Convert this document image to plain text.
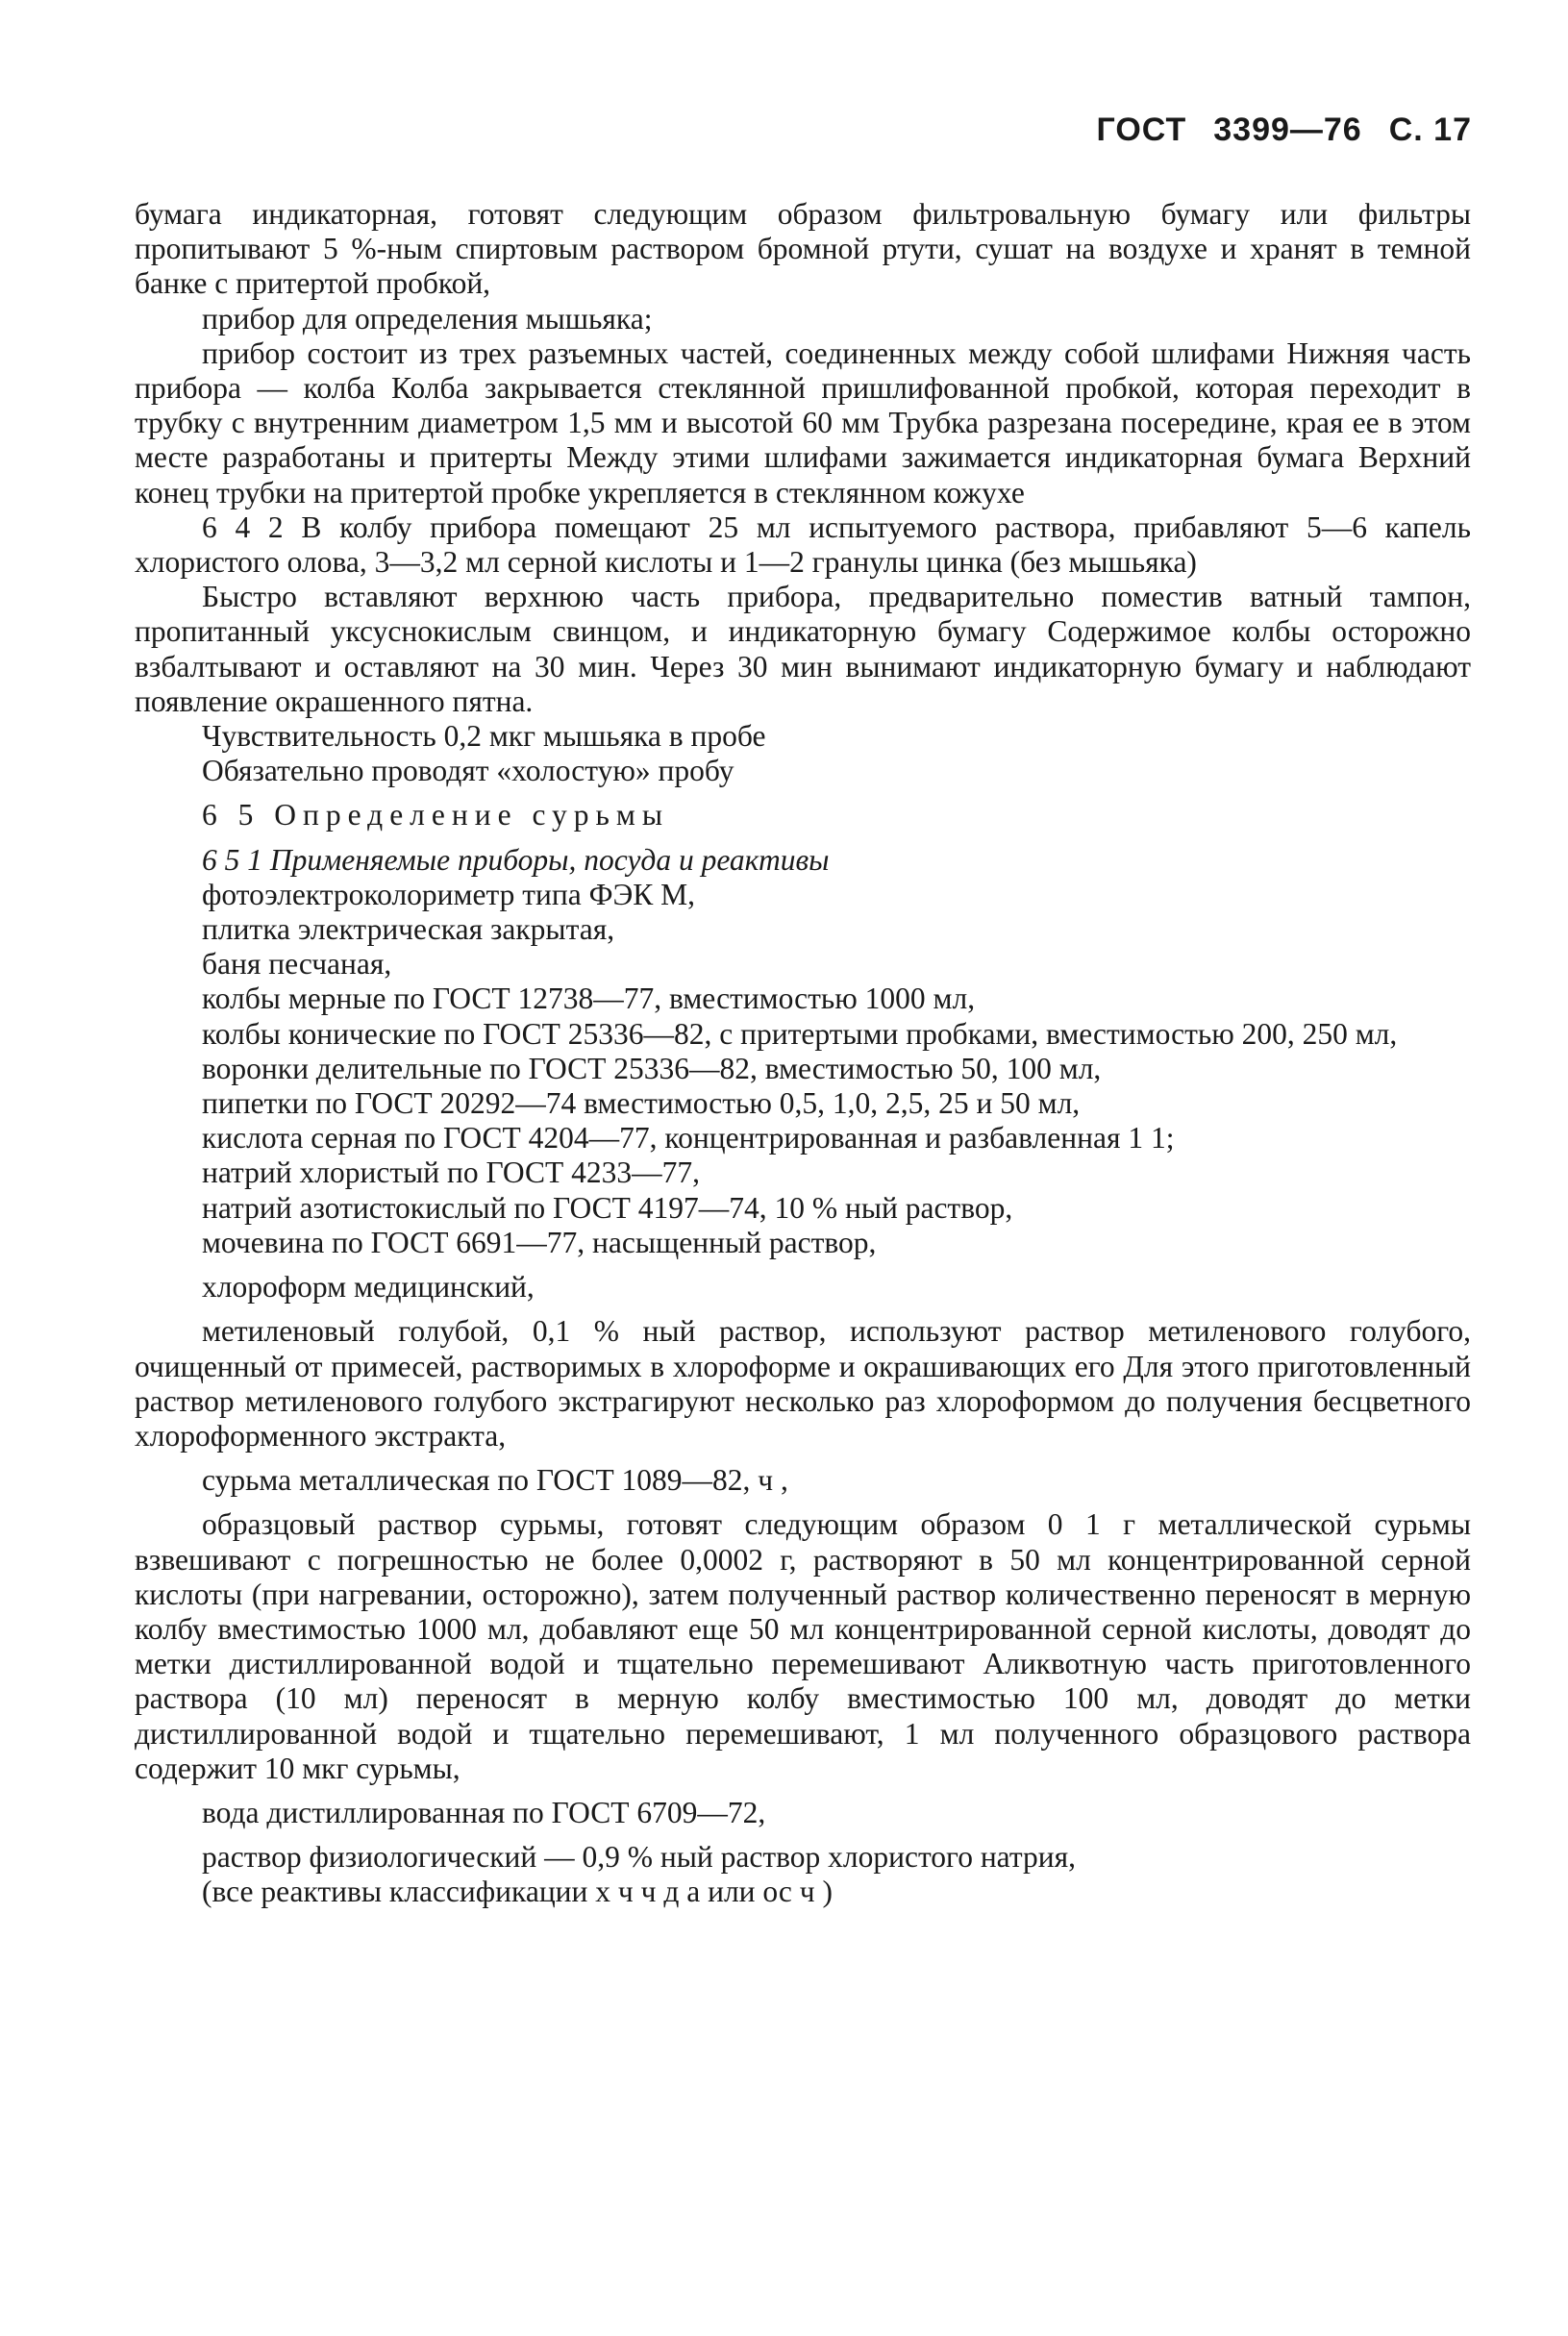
ГОСТ 3399—76 С. 17

бумага индикаторная, готовят следующим образом фильтровальную бумагу или фильтры пропитывают 5 %-ным спиртовым раствором бромной ртути, сушат на воздухе и хранят в темной банке с притертой пробкой,

прибор для определения мышьяка;

прибор состоит из трех разъемных частей, соединенных между собой шлифами Нижняя часть прибора — колба Колба закрывается стеклянной пришлифованной пробкой, которая переходит в трубку с внутренним диаметром 1,5 мм и высотой 60 мм Трубка разрезана посередине, края ее в этом месте разработаны и притерты Между этими шлифами зажимается индикаторная бумага Верхний конец трубки на притертой пробке укрепляется в стеклянном кожухе

6 4 2 В колбу прибора помещают 25 мл испытуемого раствора, прибавляют 5—6 капель хлористого олова, 3—3,2 мл серной кислоты и 1—2 гранулы цинка (без мышьяка)

Быстро вставляют верхнюю часть прибора, предварительно поместив ватный тампон, пропитанный уксуснокислым свинцом, и индикаторную бумагу Содержимое колбы осторожно взбалтывают и оставляют на 30 мин. Через 30 мин вынимают индикаторную бумагу и наблюдают появление окрашенного пятна.

Чувствительность 0,2 мкг мышьяка в пробе

Обязательно проводят «холостую» пробу

6 5 Определение сурьмы

6 5 1 Применяемые приборы, посуда и реактивы

фотоэлектроколориметр типа ФЭК М,

плитка электрическая закрытая,

баня песчаная,

колбы мерные по ГОСТ 12738—77, вместимостью 1000 мл,

колбы конические по ГОСТ 25336—82, с притертыми пробками, вместимостью 200, 250 мл,

воронки делительные по ГОСТ 25336—82, вместимостью 50, 100 мл,

пипетки по ГОСТ 20292—74 вместимостью 0,5, 1,0, 2,5, 25 и 50 мл,

кислота серная по ГОСТ 4204—77, концентрированная и разбавленная 1 1;

натрий хлористый по ГОСТ 4233—77,

натрий азотистокислый по ГОСТ 4197—74, 10 % ный раствор,

мочевина по ГОСТ 6691—77, насыщенный раствор,

хлороформ медицинский,

метиленовый голубой, 0,1 % ный раствор, используют раствор метиленового голубого, очищенный от примесей, растворимых в хлороформе и окрашивающих его Для этого приготовленный раствор метиленового голубого экстрагируют несколько раз хлороформом до получения бесцветного хлороформенного экстракта,

сурьма металлическая по ГОСТ 1089—82, ч ,

образцовый раствор сурьмы, готовят следующим образом 0 1 г металлической сурьмы взвешивают с погрешностью не более 0,0002 г, растворяют в 50 мл концентрированной серной кислоты (при нагревании, осторожно), затем полученный раствор количественно переносят в мерную колбу вместимостью 1000 мл, добавляют еще 50 мл концентрированной серной кислоты, доводят до метки дистиллированной водой и тщательно перемешивают Аликвотную часть приготовленного раствора (10 мл) переносят в мерную колбу вместимостью 100 мл, доводят до метки дистиллированной водой и тщательно перемешивают, 1 мл полученного образцового раствора содержит 10 мкг сурьмы,

вода дистиллированная по ГОСТ 6709—72,

раствор физиологический — 0,9 % ный раствор хлористого натрия,

(все реактивы классификации х ч ч д а или ос ч )
